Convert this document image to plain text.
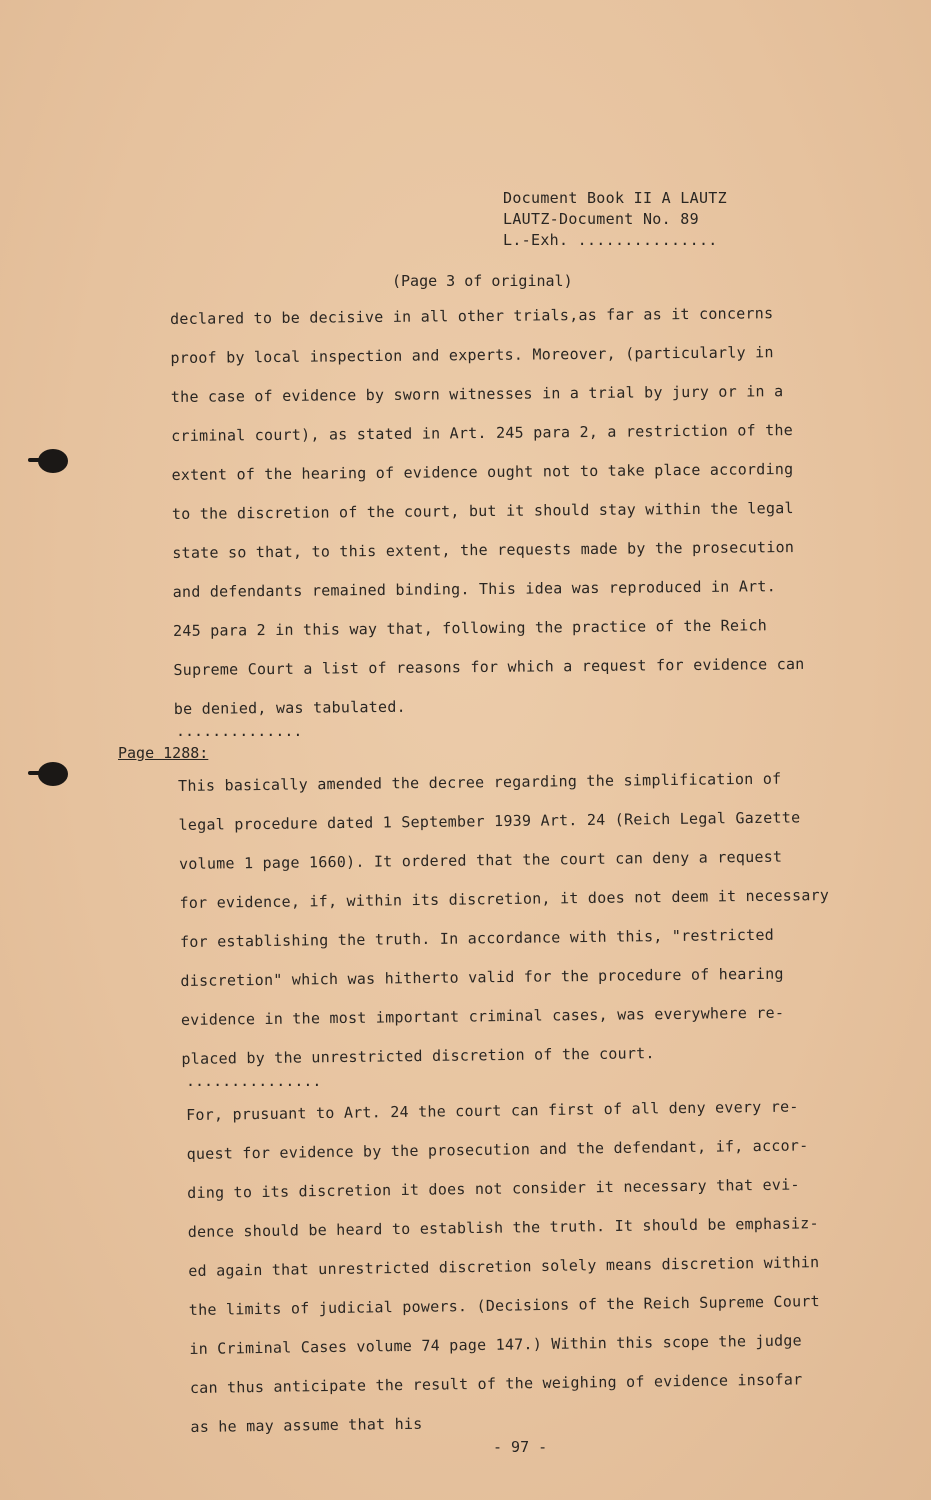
Document Book II A LAUTZ
LAUTZ-Document No. 89
L.-Exh. ...............
(Page 3 of original)
declared to be decisive in all other trials,as far as it concerns
proof by local inspection and experts. Moreover, (particularly in
the case of evidence by sworn witnesses in a trial by jury or in a
criminal court), as stated in Art. 245 para 2, a restriction of the
extent of the hearing of evidence ought not to take place according
to the discretion of the court, but it should stay within the legal
state so that, to this extent, the requests made by the prosecution
and defendants remained binding. This idea was reproduced in Art.
245 para 2 in this way that, following the practice of the Reich
Supreme Court a list of reasons for which a request for evidence can
be denied, was tabulated.
..............
Page 1288:
This basically amended the decree regarding the simplification of
legal procedure dated 1 September 1939 Art. 24 (Reich Legal Gazette
volume 1 page 1660). It ordered that the court can deny a request
for evidence, if, within its discretion, it does not deem it necessary
for establishing the truth. In accordance with this, "restricted
discretion" which was hitherto valid for the procedure of hearing
evidence in the most important criminal cases, was everywhere re-
placed by the unrestricted discretion of the court.
...............
For, prusuant to Art. 24 the court can first of all deny every re-
quest for evidence by the prosecution and the defendant, if, accor-
ding to its discretion it does not consider it necessary that evi-
dence should be heard to establish the truth. It should be emphasiz-
ed again that unrestricted discretion solely means discretion within
the limits of judicial powers. (Decisions of the Reich Supreme Court
in Criminal Cases volume 74 page 147.) Within this scope the judge
can thus anticipate the result of the weighing of evidence insofar
as he may assume that his
- 97 -
